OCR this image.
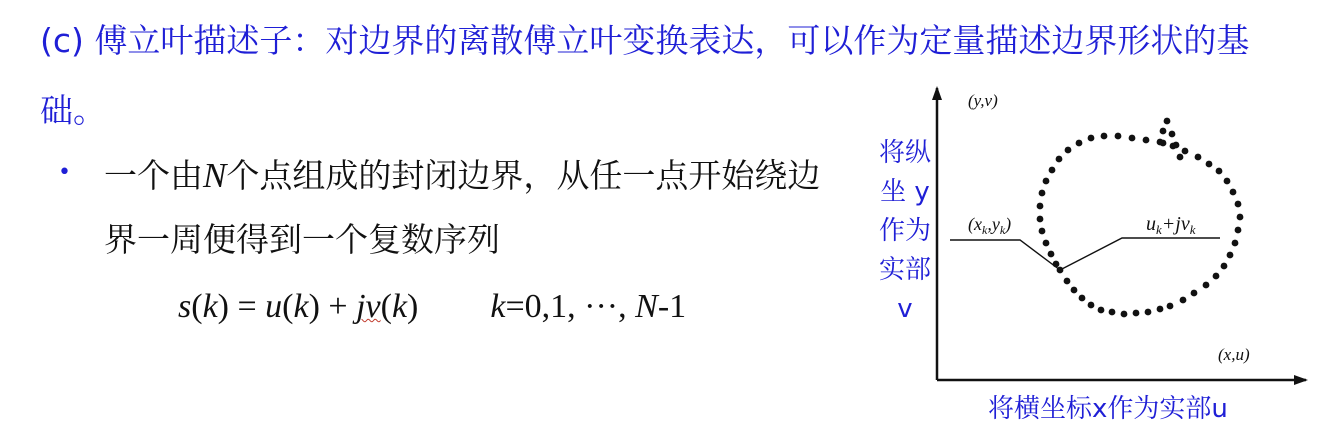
(c) 傅立叶描述子：对边界的离散傅立叶变换表达，可以作为定量描述边界形状的基础。
• 一个由N个点组成的封闭边界，从任一点开始绕边界一周便得到一个复数序列
s(k) = u(k) + jv(k) k=0,1, ···, N-1
(y,v)
(x,u)
$(x_k,y_k)$	$u_k+jv_k$
将纵坐 y 作为实部 v
将横坐标x作为实部u
